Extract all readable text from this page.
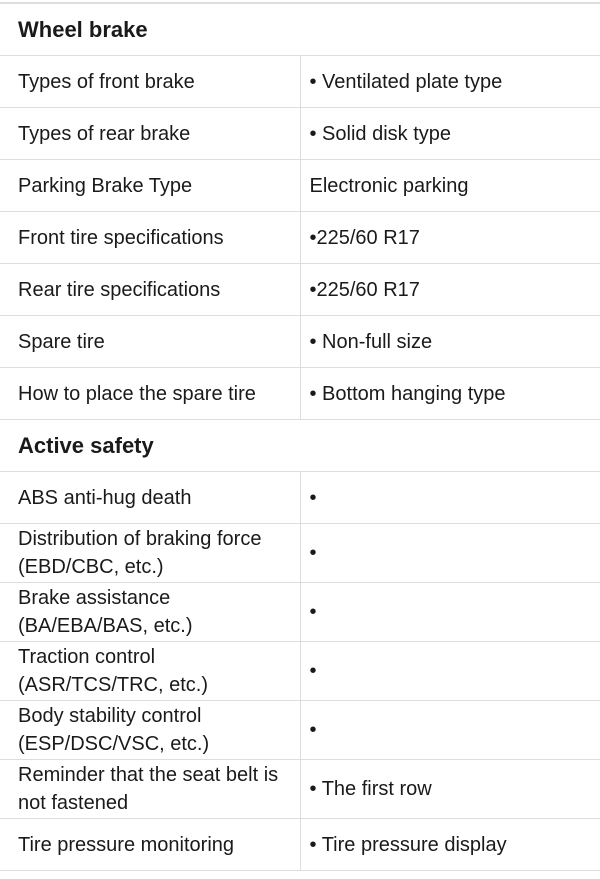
Wheel brake	
Types of front brake	• Ventilated plate type
Types of rear brake	• Solid disk type
Parking Brake Type	Electronic parking
Front tire specifications	•225/60 R17
Rear tire specifications	•225/60 R17
Spare tire	• Non-full size
How to place the spare tire	• Bottom hanging type
Active safety	
ABS anti-hug death	•
Distribution of braking force (EBD/CBC, etc.)	•
Brake assistance (BA/EBA/BAS, etc.)	•
Traction control (ASR/TCS/TRC, etc.)	•
Body stability control (ESP/DSC/VSC, etc.)	•
Reminder that the seat belt is not fastened	• The first row
Tire pressure monitoring	• Tire pressure display
